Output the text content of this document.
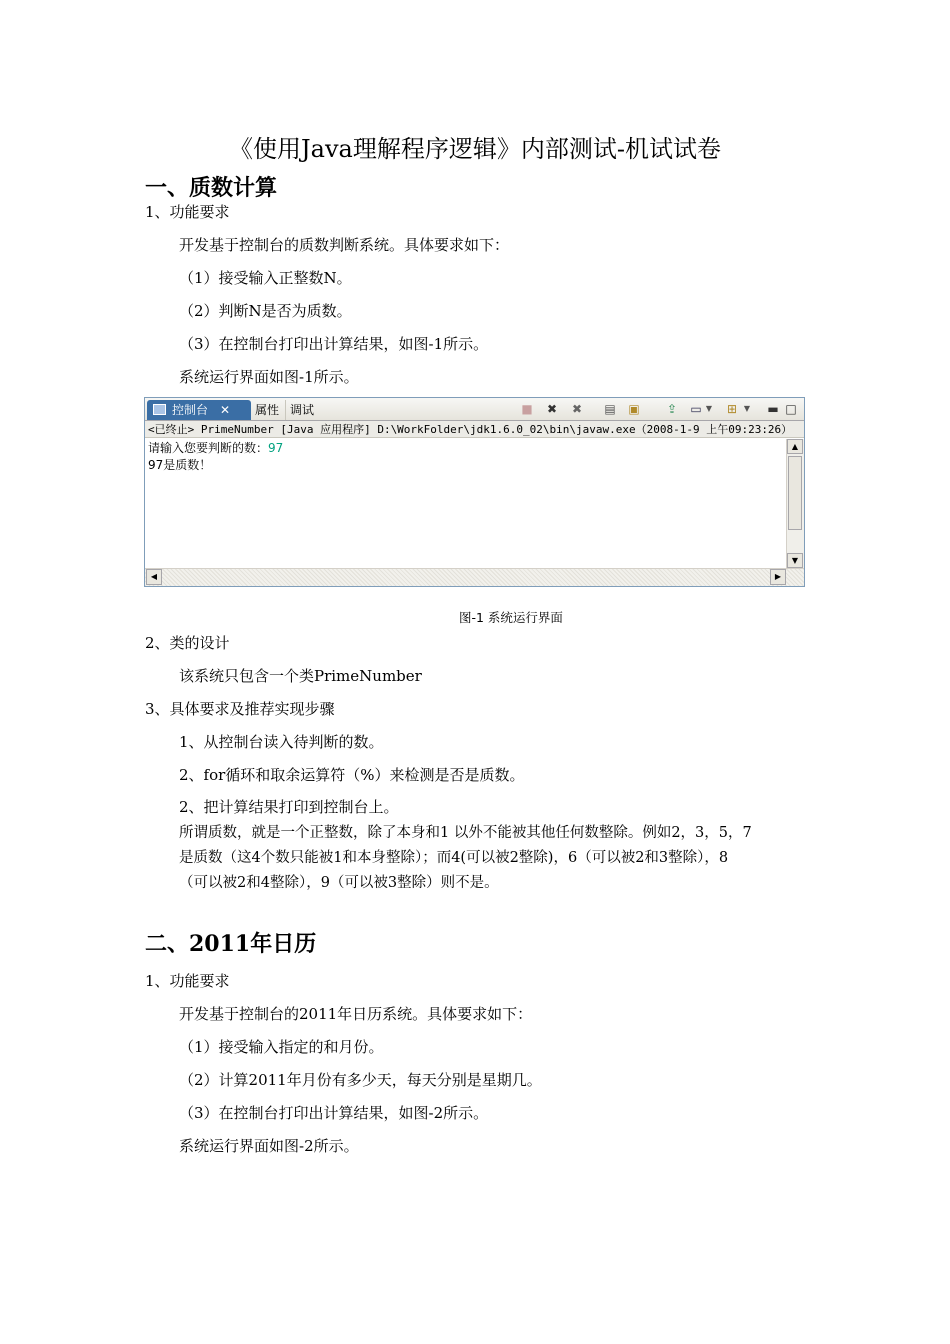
《使用Java理解程序逻辑》内部测试-机试试卷
一、质数计算
1、功能要求
开发基于控制台的质数判断系统。具体要求如下：
（1）接受输入正整数N。
（2）判断N是否为质数。
（3）在控制台打印出计算结果，如图-1所示。
系统运行界面如图-1所示。
控制台 ✕	属性 调试	■ ✖ ✖ ▤ ▣ ⇪ ▭ ▼ ⊞ ▼ ▬ □
<已终止> PrimeNumber [Java 应用程序] D:\WorkFolder\jdk1.6.0_02\bin\javaw.exe（2008-1-9 上午09:23:26）
请输入您要判断的数：97
97是质数！
▲
▼
◀	▶
图-1 系统运行界面
2、类的设计
该系统只包含一个类PrimeNumber
3、具体要求及推荐实现步骤
1、从控制台读入待判断的数。
2、for循环和取余运算符（%）来检测是否是质数。
2、把计算结果打印到控制台上。
所谓质数，就是一个正整数，除了本身和1 以外不能被其他任何数整除。例如2，3，5，7
是质数（这4个数只能被1和本身整除）；而4(可以被2整除)，6（可以被2和3整除），8
（可以被2和4整除），9（可以被3整除）则不是。
二、2011年日历
1、功能要求
开发基于控制台的2011年日历系统。具体要求如下：
（1）接受输入指定的和月份。
（2）计算2011年月份有多少天，每天分别是星期几。
（3）在控制台打印出计算结果，如图-2所示。
系统运行界面如图-2所示。
